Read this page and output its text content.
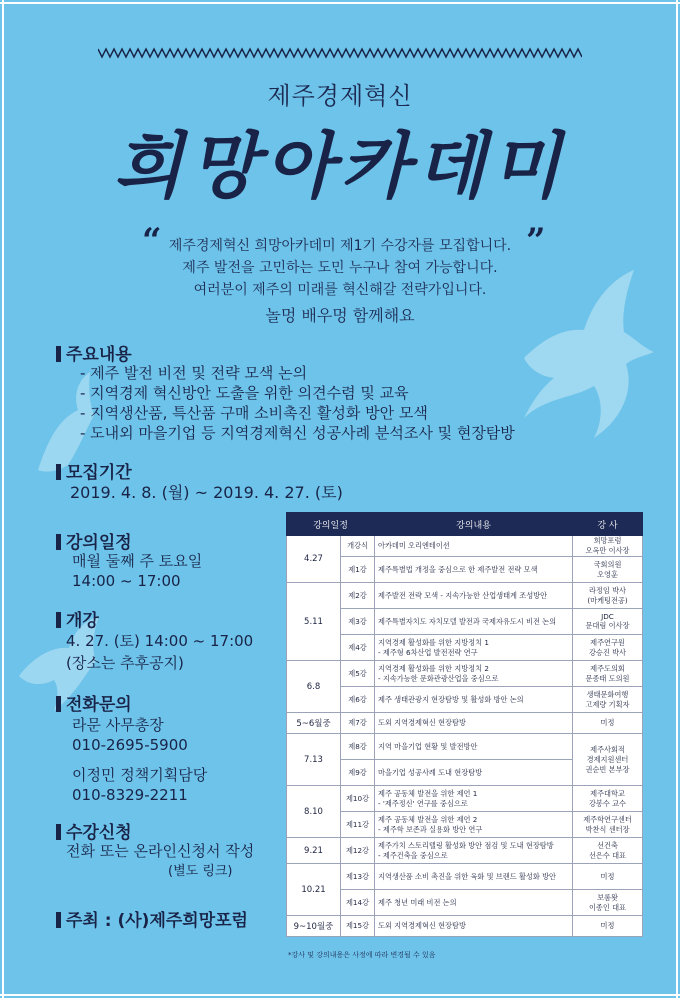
제주경제혁신
희망아카데미
“	”
제주경제혁신 희망아카데미 제1기 수강자를 모집합니다.
제주 발전을 고민하는 도민 누구나 참여 가능합니다.
여러분이 제주의 미래를 혁신해갈 전략가입니다.
놀멍 배우멍 함께해요
주요내용
- 제주 발전 비전 및 전략 모색 논의
- 지역경제 혁신방안 도출을 위한 의견수렴 및 교육
- 지역생산품, 특산품 구매 소비촉진 활성화 방안 모색
- 도내외 마을기업 등 지역경제혁신 성공사례 분석조사 및 현장탐방
모집기간
2019. 4. 8. (월) ~ 2019. 4. 27. (토)
강의일정
매월 둘째 주 토요일
14:00 ~ 17:00
개강
4. 27. (토) 14:00 ~ 17:00
(장소는 추후공지)
전화문의
라문 사무총장
010-2695-5900
이정민 정책기획담당
010-8329-2211
수강신청
전화 또는 온라인신청서 작성
(별도 링크)
주최 : (사)제주희망포럼
강의일정		강의내용	강 사
4.27	개강식	아카데미 오리엔테이션	희망포럼
오옥만 이사장

	제1강	제주특별법 개정을 중심으로 한 제주발전 전략 모색	국회의원
오영훈

5.11	제2강	제주발전 전략 모색 - 지속가능한 산업생태계 조성방안	라정임 박사
(마케팅전공)

	제3강	제주특별자치도 자치모델 발전과 국제자유도시 비전 논의	JDC
문대림 이사장

	제4강	지역경제 활성화를 위한 지방정치 1
- 제주형 6차산업 발전전략 연구	제주연구원
강승진 박사

6.8	제5강	지역경제 활성화를 위한 지방정치 2
- 지속가능한 문화관광산업을 중심으로	제주도의회
문종태 도의원

	제6강	제주 생태관광지 현장탐방 및 활성화 방안 논의	생태문화여행
고제량 기획자

5~6월중	제7강	도외 지역경제혁신 현장탐방	미정
7.13	제8강	지역 마을기업 현황 및 발전방안	제주사회적
경제지원센터
권순빈 본부장

	제9강	마을기업 성공사례 도내 현장탐방	
8.10	제10강	제주 공동체 발전을 위한 제언 1
- '제주정신' 연구를 중심으로	제주대학교
강봉수 교수

	제11강	제주 공동체 발전을 위한 제언 2
- 제주학 보존과 실용화 방안 연구	제주학연구센터
박찬식 센터장

9.21	제12강	제주가치 스토리텔링 활성화 방안 점검 및 도내 현장탐방
- 제주건축을 중심으로	선건축
선은수 대표

10.21	제13강	지역생산품 소비 촉진을 위한 육화 및 브랜드 활성화 방안	미정
	제14강	제주 청년 미래 비전 논의	보롬왓
이종인 대표

9~10월중	제15강	도외 지역경제혁신 현장탐방	미정
*강사 및 강의내용은 사정에 따라 변경될 수 있음
